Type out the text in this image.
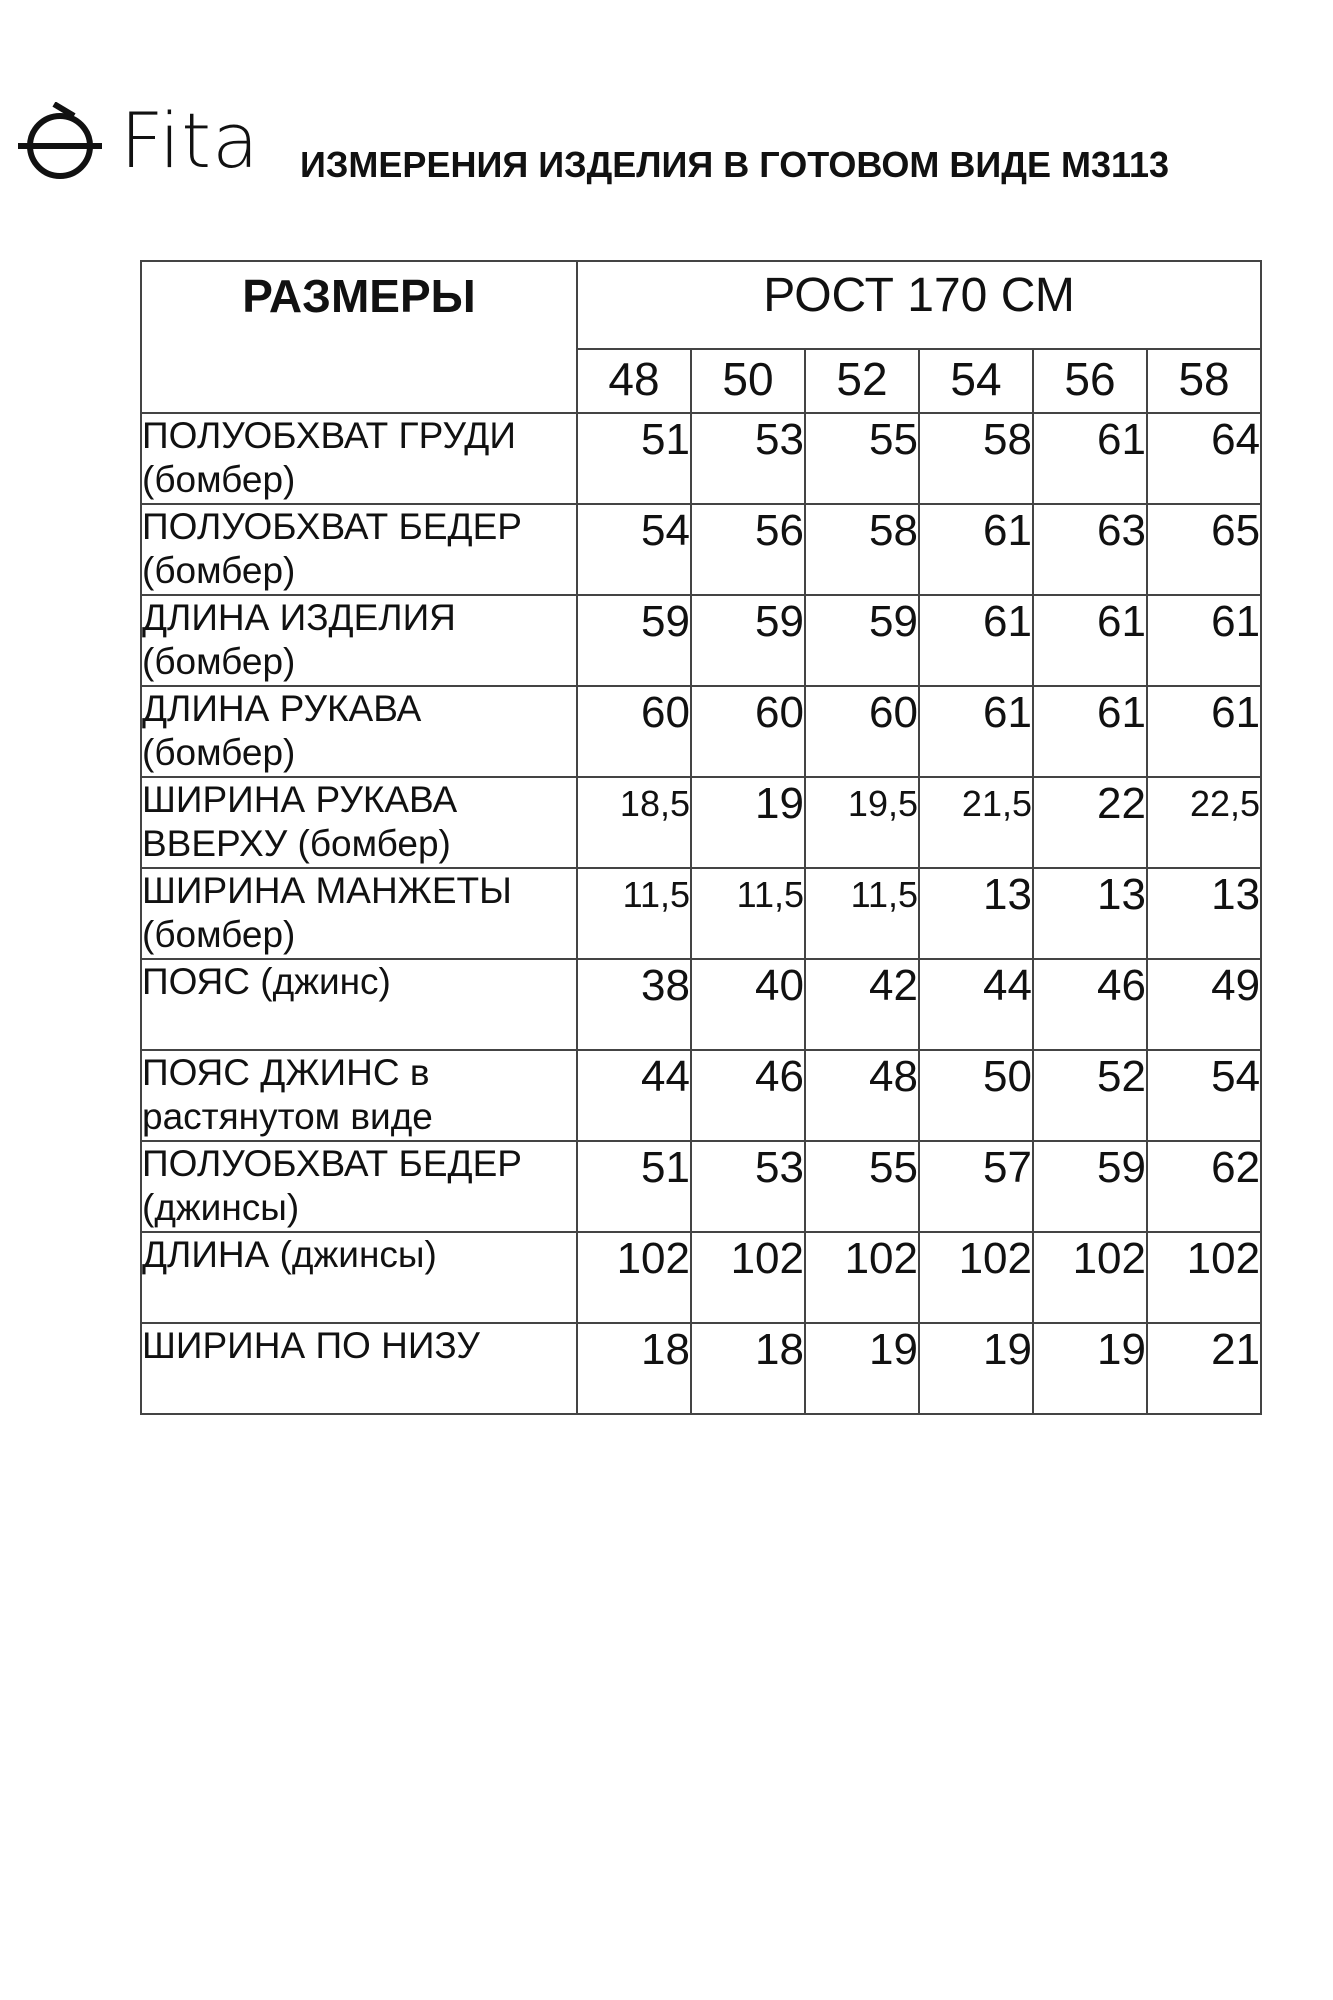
Fita ИЗМЕРЕНИЯ ИЗДЕЛИЯ В ГОТОВОМ ВИДЕ М3113
РАЗМЕРЫ	РОСТ 170 СМ					

	48	50	52	54	56	58

ПОЛУОБХВАТ ГРУДИ
(бомбер)	51	53	55	58	61	64

ПОЛУОБХВАТ БЕДЕР
(бомбер)	54	56	58	61	63	65

ДЛИНА ИЗДЕЛИЯ
(бомбер)	59	59	59	61	61	61

ДЛИНА РУКАВА
(бомбер)	60	60	60	61	61	61

ШИРИНА РУКАВА
ВВЕРХУ (бомбер)	18,5	19	19,5	21,5	22	22,5

ШИРИНА МАНЖЕТЫ
(бомбер)	11,5	11,5	11,5	13	13	13

ПОЯС (джинс)	38	40	42	44	46	49

ПОЯС ДЖИНС в
растянутом виде	44	46	48	50	52	54

ПОЛУОБХВАТ БЕДЕР
(джинсы)	51	53	55	57	59	62

ДЛИНА (джинсы)	102	102	102	102	102	102

ШИРИНА ПО НИЗУ	18	18	19	19	19	21
